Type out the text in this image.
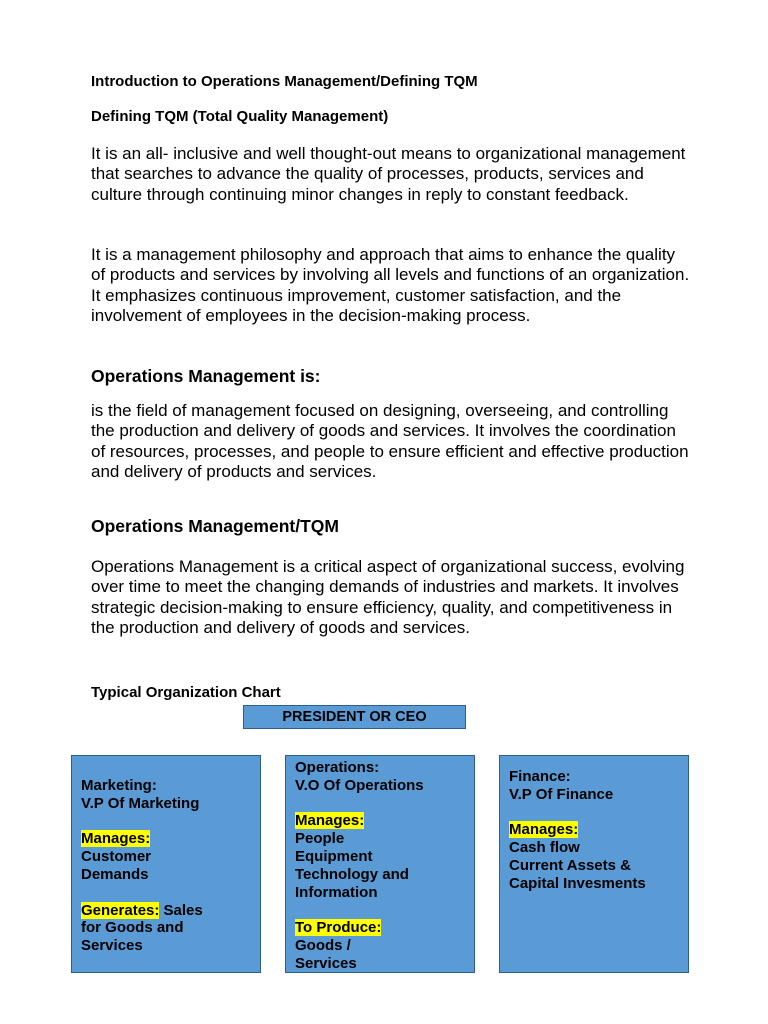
Introduction to Operations Management/Defining TQM
Defining TQM (Total Quality Management)
It is an all- inclusive and well thought-out means to organizational management that searches to advance the quality of processes, products, services and culture through continuing minor changes in reply to constant feedback.
It is a management philosophy and approach that aims to enhance the quality of products and services by involving all levels and functions of an organization. It emphasizes continuous improvement, customer satisfaction, and the involvement of employees in the decision-making process.
Operations Management is:
is the field of management focused on designing, overseeing, and controlling the production and delivery of goods and services. It involves the coordination of resources, processes, and people to ensure efficient and effective production and delivery of products and services.
Operations Management/TQM
Operations Management is a critical aspect of organizational success, evolving over time to meet the changing demands of industries and markets. It involves strategic decision-making to ensure efficiency, quality, and competitiveness in the production and delivery of goods and services.
Typical Organization Chart
PRESIDENT OR CEO
Marketing:
V.P Of Marketing
Manages:
Customer
Demands
Generates: Sales
for Goods and
Services
Operations:
V.O Of Operations
Manages:
People
Equipment
Technology and
Information
To Produce:
Goods /
Services
Finance:
V.P Of Finance
Manages:
Cash flow
Current Assets &
Capital Invesments
